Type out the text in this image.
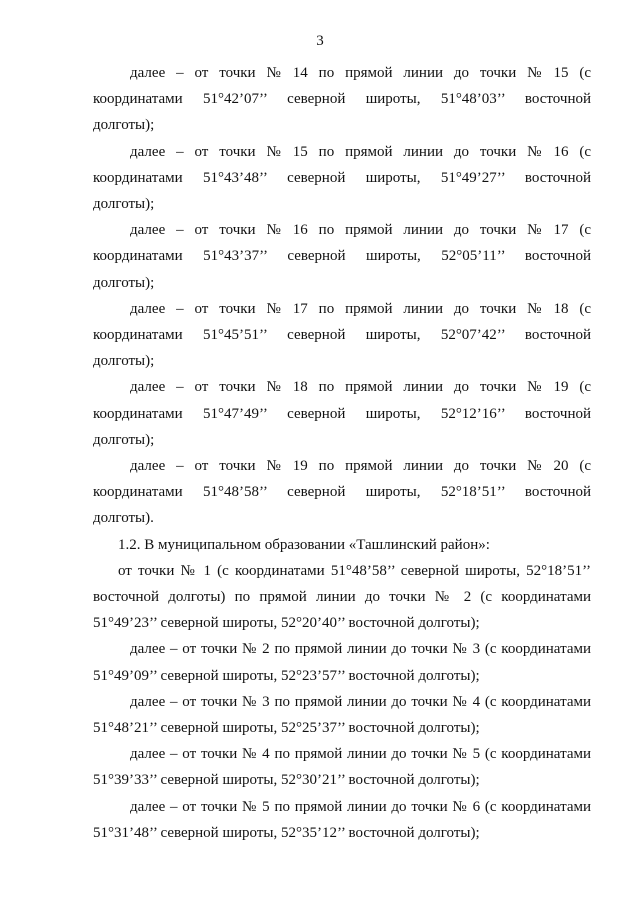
3

далее – от точки № 14 по прямой линии до точки № 15 (с координатами 51°42’07’’ северной широты, 51°48’03’’ восточной долготы);

далее – от точки № 15 по прямой линии до точки № 16 (с координатами 51°43’48’’ северной широты, 51°49’27’’ восточной долготы);

далее – от точки № 16 по прямой линии до точки № 17 (с координатами 51°43’37’’ северной широты, 52°05’11’’ восточной долготы);

далее – от точки № 17 по прямой линии до точки № 18 (с координатами 51°45’51’’ северной широты, 52°07’42’’ восточной долготы);

далее – от точки № 18 по прямой линии до точки № 19 (с координатами 51°47’49’’ северной широты, 52°12’16’’ восточной долготы);

далее – от точки № 19 по прямой линии до точки № 20 (с координатами 51°48’58’’ северной широты, 52°18’51’’ восточной долготы).

1.2. В муниципальном образовании «Ташлинский район»:

от точки № 1 (с координатами 51°48’58’’ северной широты, 52°18’51’’ восточной долготы) по прямой линии до точки № 2 (с координатами 51°49’23’’ северной широты, 52°20’40’’ восточной долготы);

далее – от точки № 2 по прямой линии до точки № 3 (с координатами 51°49’09’’ северной широты, 52°23’57’’ восточной долготы);

далее – от точки № 3 по прямой линии до точки № 4 (с координатами 51°48’21’’ северной широты, 52°25’37’’ восточной долготы);

далее – от точки № 4 по прямой линии до точки № 5 (с координатами 51°39’33’’ северной широты, 52°30’21’’ восточной долготы);

далее – от точки № 5 по прямой линии до точки № 6 (с координатами 51°31’48’’ северной широты, 52°35’12’’ восточной долготы);
